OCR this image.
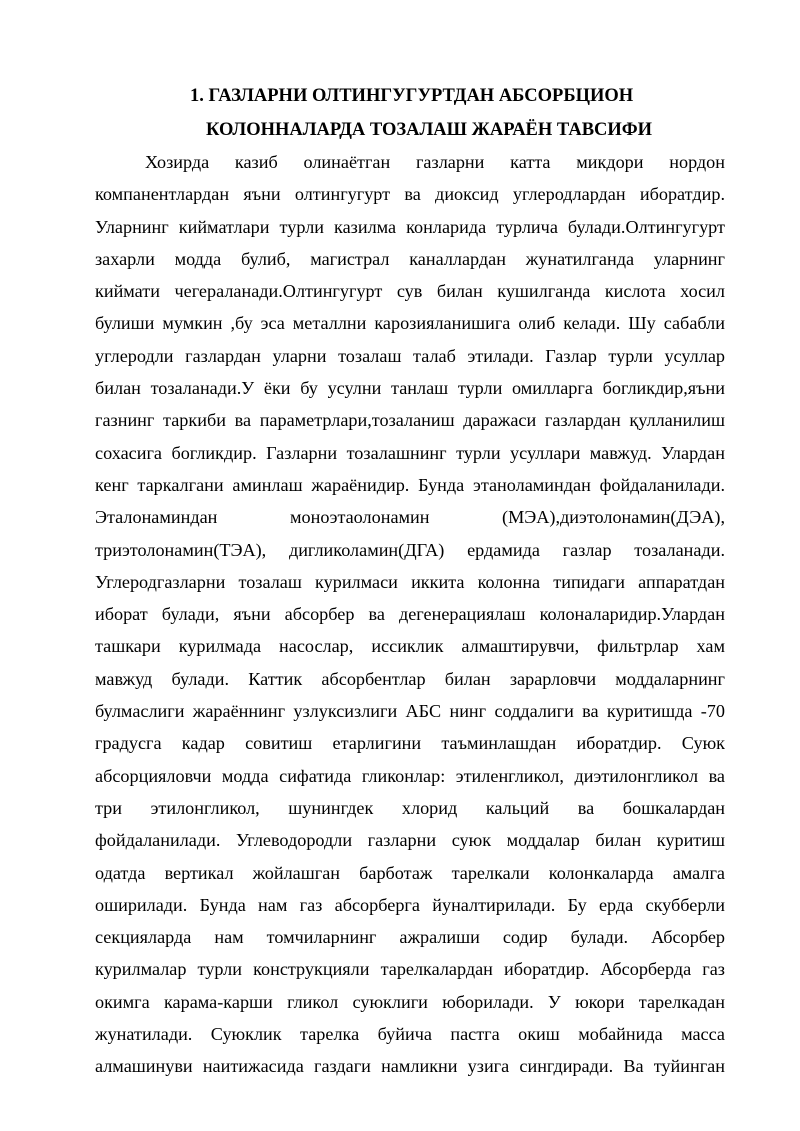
1. ГАЗЛАРНИ ОЛТИНГУГУРТДАН АБСОРБЦИОН
КОЛОННАЛАРДА ТОЗАЛАШ ЖАРАЁН ТАВСИФИ
Хозирда казиб олинаётган газларни катта микдори нордон
компанентлардан яъни олтингугурт ва диоксид углеродлардан иборатдир.
Уларнинг кийматлари турли казилма конларида турлича булади.Олтингугурт
захарли модда булиб, магистрал каналлардан жунатилганда уларнинг
киймати чегераланади.Олтингугурт сув билан кушилганда кислота хосил
булиши мумкин ,бу эса металлни карозияланишига олиб келади. Шу сабабли
углеродли газлардан уларни тозалаш талаб этилади. Газлар турли усуллар
билан тозаланади.У ёки бу усулни танлаш турли омилларга богликдир,яъни
газнинг таркиби ва параметрлари,тозаланиш даражаси газлардан қулланилиш
сохасига богликдир. Газларни тозалашнинг турли усуллари мавжуд. Улардан
кенг таркалгани аминлаш жараёнидир. Бунда этаноламиндан фойдаланилади.
Эталонаминдан моноэтаолонамин (МЭА),диэтолонамин(ДЭА),
триэтолонамин(ТЭА), дигликоламин(ДГА) ердамида газлар тозаланади.
Углеродгазларни тозалаш курилмаси иккита колонна типидаги аппаратдан
иборат булади, яъни абсорбер ва дегенерациялаш колоналаридир.Улардан
ташкари курилмада насослар, иссиклик алмаштирувчи, фильтрлар хам
мавжуд булади. Каттик абсорбентлар билан зарарловчи моддаларнинг
булмаслиги жараённинг узлуксизлиги АБС нинг соддалиги ва куритишда -70
градусга кадар совитиш етарлигини таъминлашдан иборатдир. Суюк
абсорцияловчи модда сифатида гликонлар: этиленгликол, диэтилонгликол ва
три этилонгликол, шунингдек хлорид кальций ва бошкалардан
фойдаланилади. Углеводородли газларни суюк моддалар билан куритиш
одатда вертикал жойлашган барботаж тарелкали колонкаларда амалга
оширилади. Бунда нам газ абсорберга йуналтирилади. Бу ерда скубберли
секцияларда нам томчиларнинг ажралиши содир булади. Абсорбер
курилмалар турли конструкцияли тарелкалардан иборатдир. Абсорберда газ
окимга карама-карши гликол суюклиги юборилади. У юкори тарелкадан
жунатилади. Суюклик тарелка буйича пастга окиш мобайнида масса
алмашинуви наитижасида газдаги намликни узига сингдиради. Ва туйинган
